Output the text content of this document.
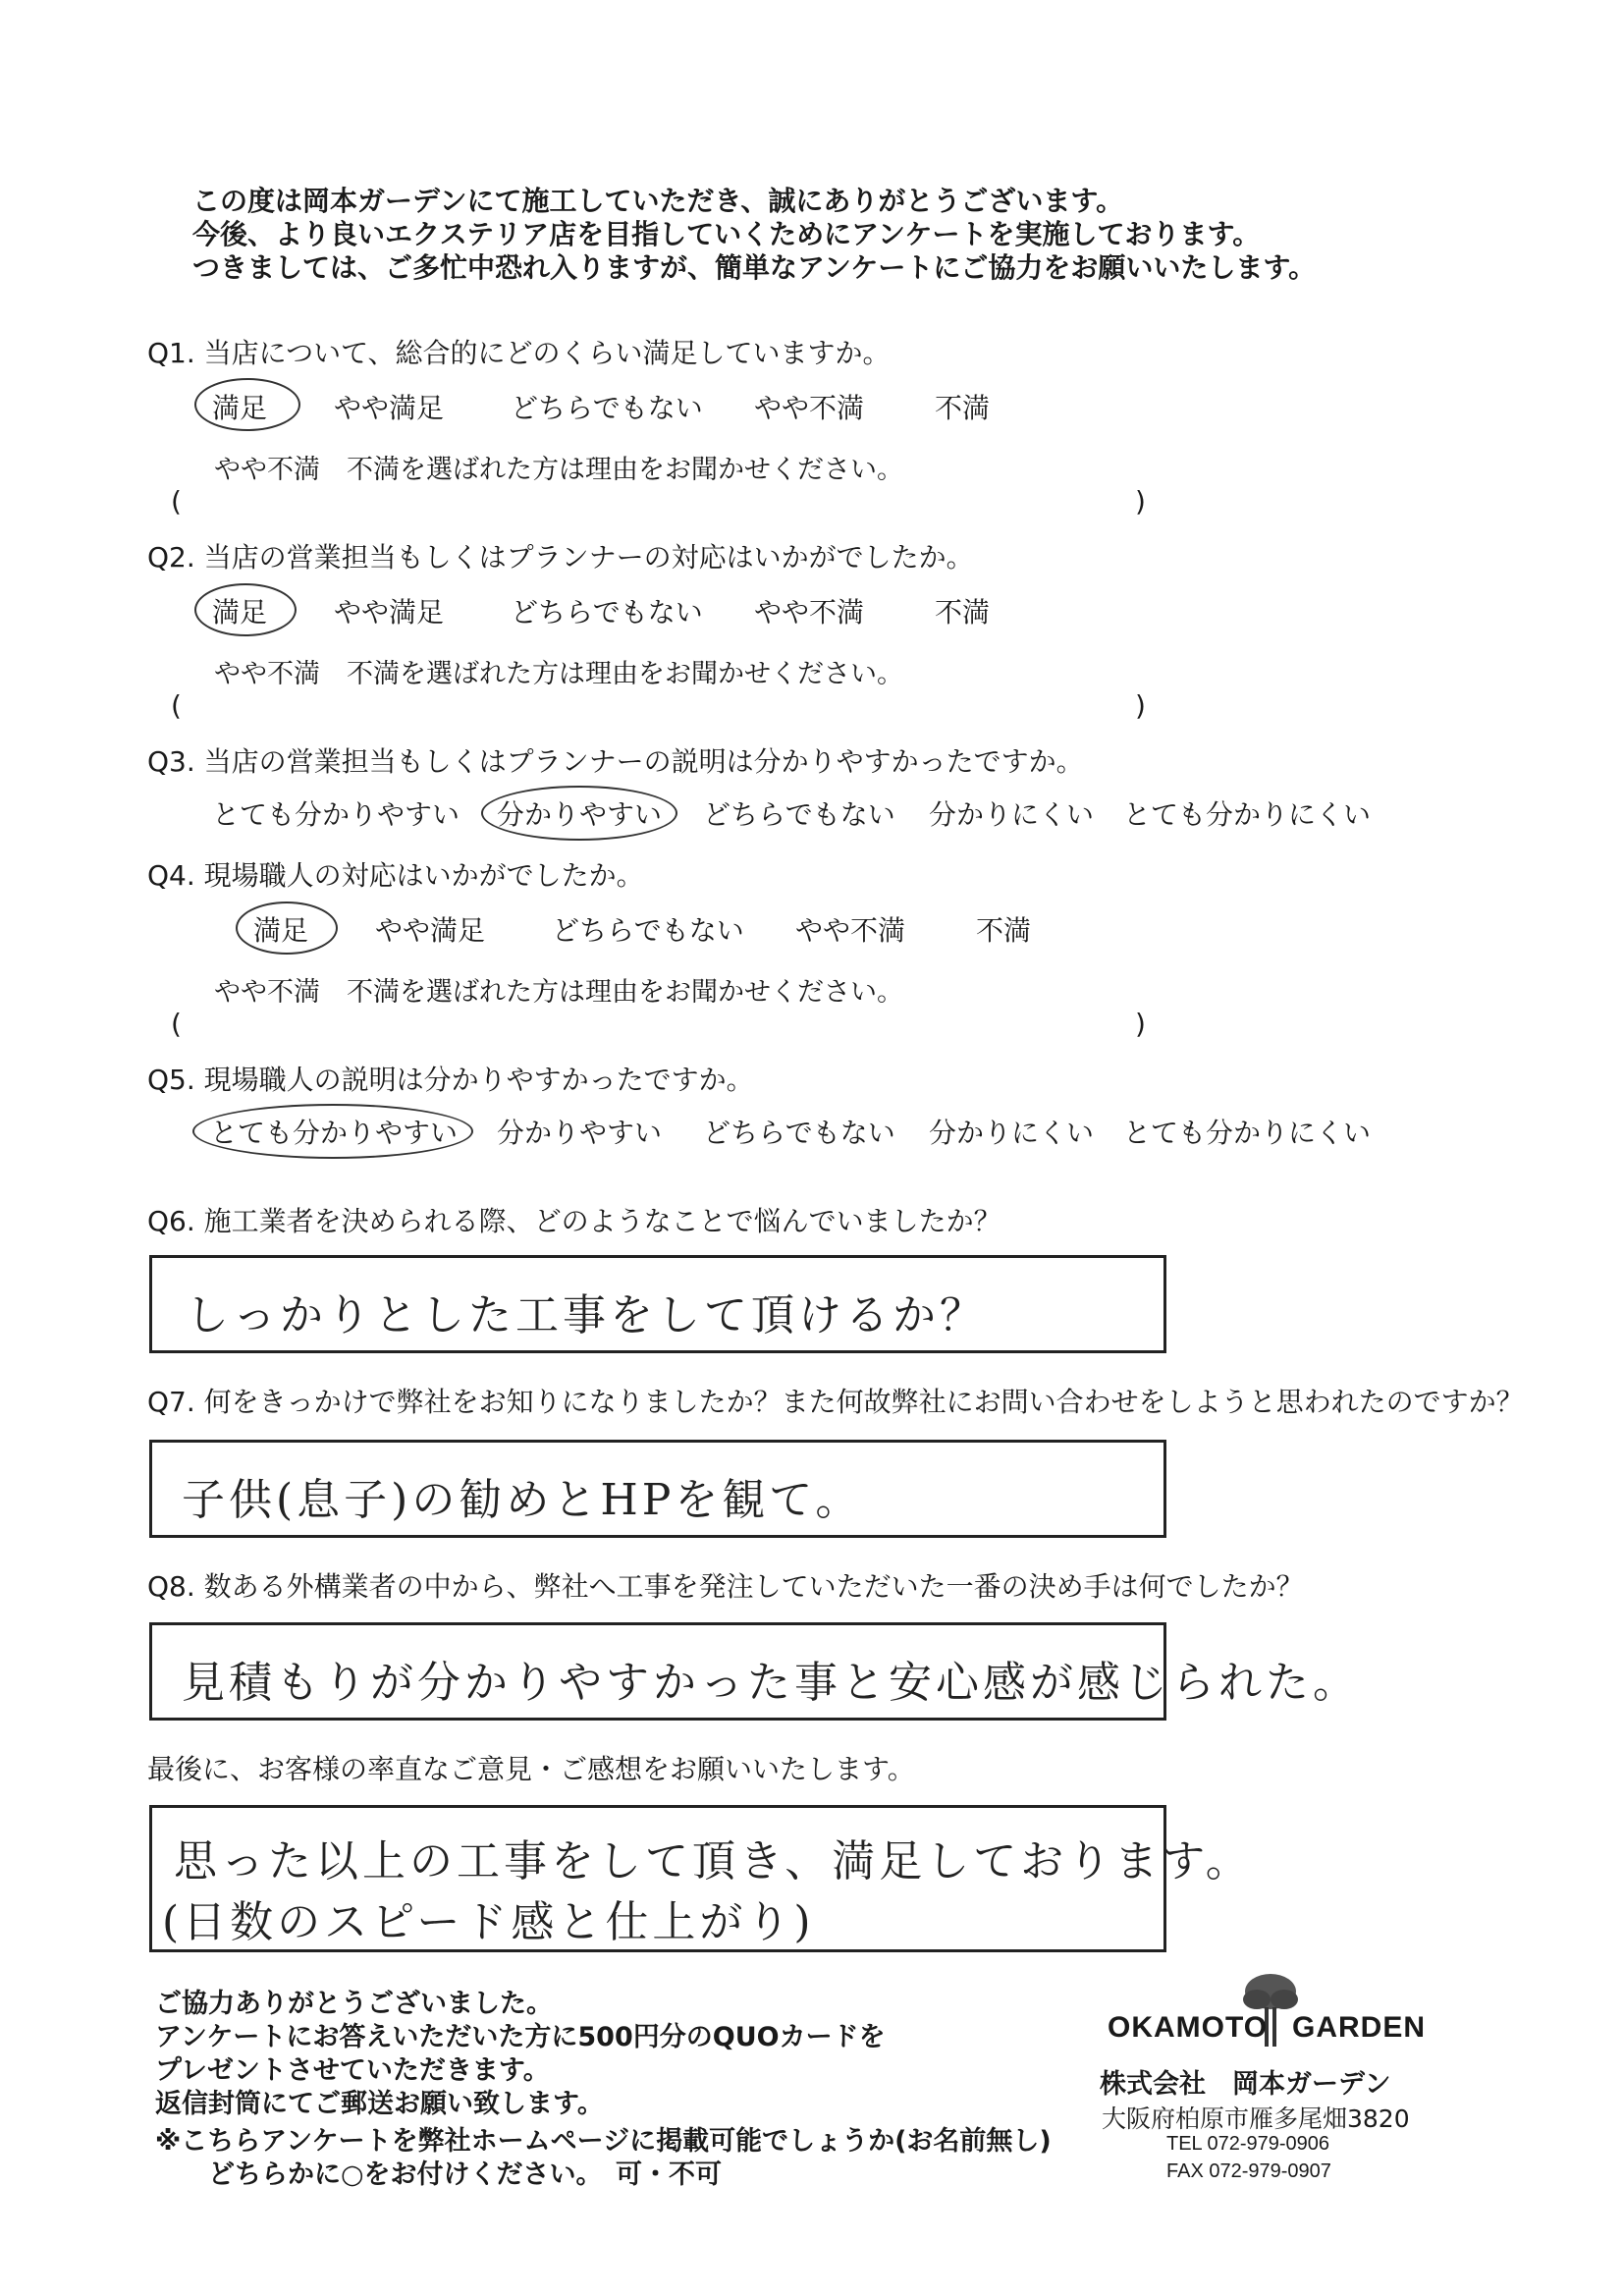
この度は岡本ガーデンにて施工していただき、誠にありがとうございます。
今後、より良いエクステリア店を目指していくためにアンケートを実施しております。
つきましては、ご多忙中恐れ入りますが、簡単なアンケートにご協力をお願いいたします。
Q1. 当店について、総合的にどのくらい満足していますか。
満足 やや満足 どちらでもない やや不満	不満
やや不満　不満を選ばれた方は理由をお聞かせください。
(	)
Q2. 当店の営業担当もしくはプランナーの対応はいかがでしたか。
満足 やや満足 どちらでもない やや不満	不満
やや不満　不満を選ばれた方は理由をお聞かせください。
(	)
Q3. 当店の営業担当もしくはプランナーの説明は分かりやすかったですか。
とても分かりやすい 分かりやすい どちらでもない 分かりにくい とても分かりにくい
Q4. 現場職人の対応はいかがでしたか。
満足 やや満足 どちらでもない やや不満	不満
やや不満　不満を選ばれた方は理由をお聞かせください。
(	)
Q5. 現場職人の説明は分かりやすかったですか。
とても分かりやすい 分かりやすい どちらでもない 分かりにくい とても分かりにくい
Q6. 施工業者を決められる際、どのようなことで悩んでいましたか？
しっかりとした工事をして頂けるか？
Q7. 何をきっかけで弊社をお知りになりましたか？また何故弊社にお問い合わせをしようと思われたのですか？
子供(息子)の勧めとHPを観て。
Q8. 数ある外構業者の中から、弊社へ工事を発注していただいた一番の決め手は何でしたか？
見積もりが分かりやすかった事と安心感が感じられた。
最後に、お客様の率直なご意見・ご感想をお願いいたします。
思った以上の工事をして頂き、満足しております。
(日数のスピード感と仕上がり)
ご協力ありがとうございました。
アンケートにお答えいただいた方に500円分のQUOカードを
プレゼントさせていただきます。
返信封筒にてご郵送お願い致します。
※こちらアンケートを弊社ホームページに掲載可能でしょうか(お名前無し)
　　どちらかに○をお付けください。　可・不可
OKAMOTO GARDEN
株式会社　岡本ガーデン
大阪府柏原市雁多尾畑3820
TEL 072-979-0906
FAX 072-979-0907
